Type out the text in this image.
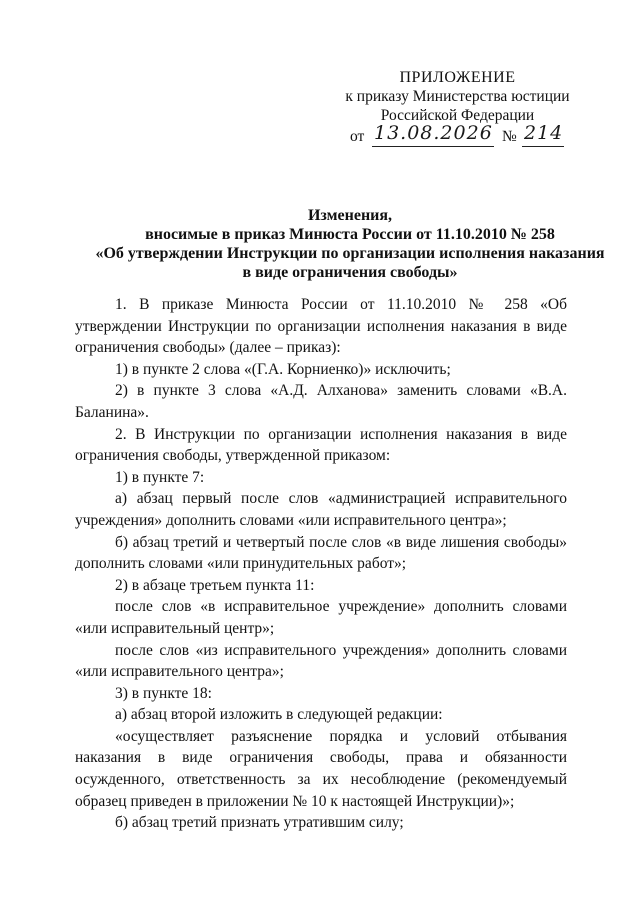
ПРИЛОЖЕНИЕ
к приказу Министерства юстиции
Российской Федерации
от 13.08.2026 № 214
Изменения,
вносимые в приказ Минюста России от 11.10.2010 № 258
«Об утверждении Инструкции по организации исполнения наказания
в виде ограничения свободы»

1. В приказе Минюста России от 11.10.2010 № 258 «Об утверждении Инструкции по организации исполнения наказания в виде ограничения свободы» (далее – приказ):

1) в пункте 2 слова «(Г.А. Корниенко)» исключить;

2) в пункте 3 слова «А.Д. Алханова» заменить словами «В.А. Баланина».

2. В Инструкции по организации исполнения наказания в виде ограничения свободы, утвержденной приказом:

1) в пункте 7:

а) абзац первый после слов «администрацией исправительного учреждения» дополнить словами «или исправительного центра»;

б) абзац третий и четвертый после слов «в виде лишения свободы» дополнить словами «или принудительных работ»;

2) в абзаце третьем пункта 11:

после слов «в исправительное учреждение» дополнить словами «или исправительный центр»;

после слов «из исправительного учреждения» дополнить словами «или исправительного центра»;

3) в пункте 18:

а) абзац второй изложить в следующей редакции:

«осуществляет разъяснение порядка и условий отбывания наказания в виде ограничения свободы, права и обязанности осужденного, ответственность за их несоблюдение (рекомендуемый образец приведен в приложении № 10 к настоящей Инструкции)»;

б) абзац третий признать утратившим силу;
